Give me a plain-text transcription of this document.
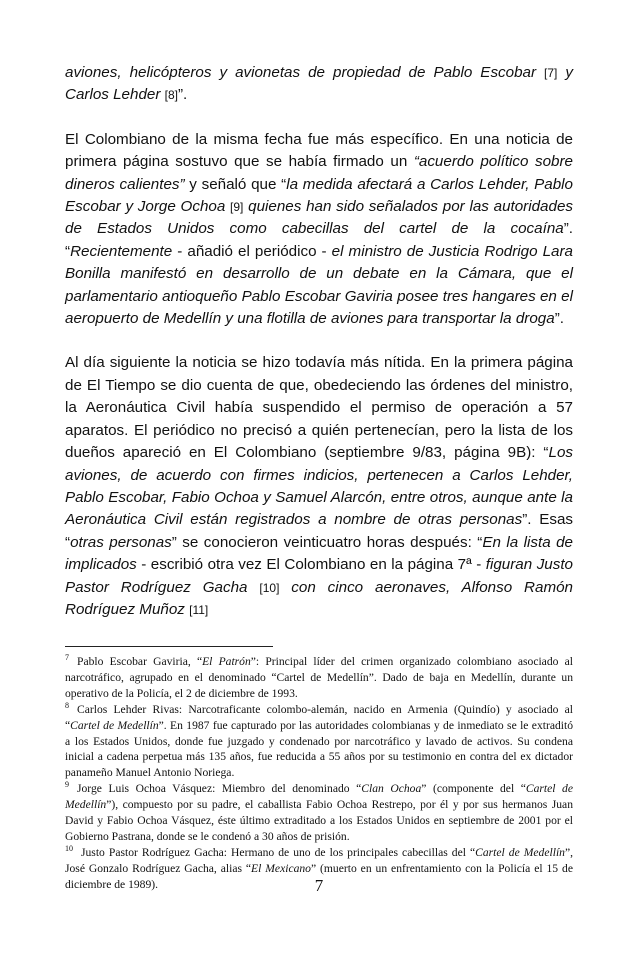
aviones, helicópteros y avionetas de propiedad de Pablo Escobar [7] y Carlos Lehder [8]”.

El Colombiano de la misma fecha fue más específico. En una noticia de primera página sostuvo que se había firmado un “acuerdo político sobre dineros calientes” y señaló que “la medida afectará a Carlos Lehder, Pablo Escobar y Jorge Ochoa [9] quienes han sido señalados por las autoridades de Estados Unidos como cabecillas del cartel de la cocaína”. “Recientemente - añadió el periódico - el ministro de Justicia Rodrigo Lara Bonilla manifestó en desarrollo de un debate en la Cámara, que el parlamentario antioqueño Pablo Escobar Gaviria posee tres hangares en el aeropuerto de Medellín y una flotilla de aviones para transportar la droga”.

Al día siguiente la noticia se hizo todavía más nítida. En la primera página de El Tiempo se dio cuenta de que, obedeciendo las órdenes del ministro, la Aeronáutica Civil había suspendido el permiso de operación a 57 aparatos. El periódico no precisó a quién pertenecían, pero la lista de los dueños apareció en El Colombiano (septiembre 9/83, página 9B): “Los aviones, de acuerdo con firmes indicios, pertenecen a Carlos Lehder, Pablo Escobar, Fabio Ochoa y Samuel Alarcón, entre otros, aunque ante la Aeronáutica Civil están registrados a nombre de otras personas”. Esas “otras personas” se conocieron veinticuatro horas después: “En la lista de implicados - escribió otra vez El Colombiano en la página 7ª - figuran Justo Pastor Rodríguez Gacha [10] con cinco aeronaves, Alfonso Ramón Rodríguez Muñoz [11]

$^7$ Pablo Escobar Gaviria, “El Patrón”: Principal líder del crimen organizado colombiano asociado al narcotráfico, agrupado en el denominado “Cartel de Medellín”. Dado de baja en Medellín, durante un operativo de la Policía, el 2 de diciembre de 1993.

$^8$ Carlos Lehder Rivas: Narcotraficante colombo-alemán, nacido en Armenia (Quindío) y asociado al “Cartel de Medellín”. En 1987 fue capturado por las autoridades colombianas y de inmediato se le extraditó a los Estados Unidos, donde fue juzgado y condenado por narcotráfico y lavado de activos. Su condena inicial a cadena perpetua más 135 años, fue reducida a 55 años por su testimonio en contra del ex dictador panameño Manuel Antonio Noriega.

$^9$ Jorge Luis Ochoa Vásquez: Miembro del denominado “Clan Ochoa” (componente del “Cartel de Medellín”), compuesto por su padre, el caballista Fabio Ochoa Restrepo, por él y por sus hermanos Juan David y Fabio Ochoa Vásquez, éste último extraditado a los Estados Unidos en septiembre de 2001 por el Gobierno Pastrana, donde se le condenó a 30 años de prisión.

$^{10}$ Justo Pastor Rodríguez Gacha: Hermano de uno de los principales cabecillas del “Cartel de Medellín”, José Gonzalo Rodríguez Gacha, alias “El Mexicano” (muerto en un enfrentamiento con la Policía el 15 de diciembre de 1989).	7
